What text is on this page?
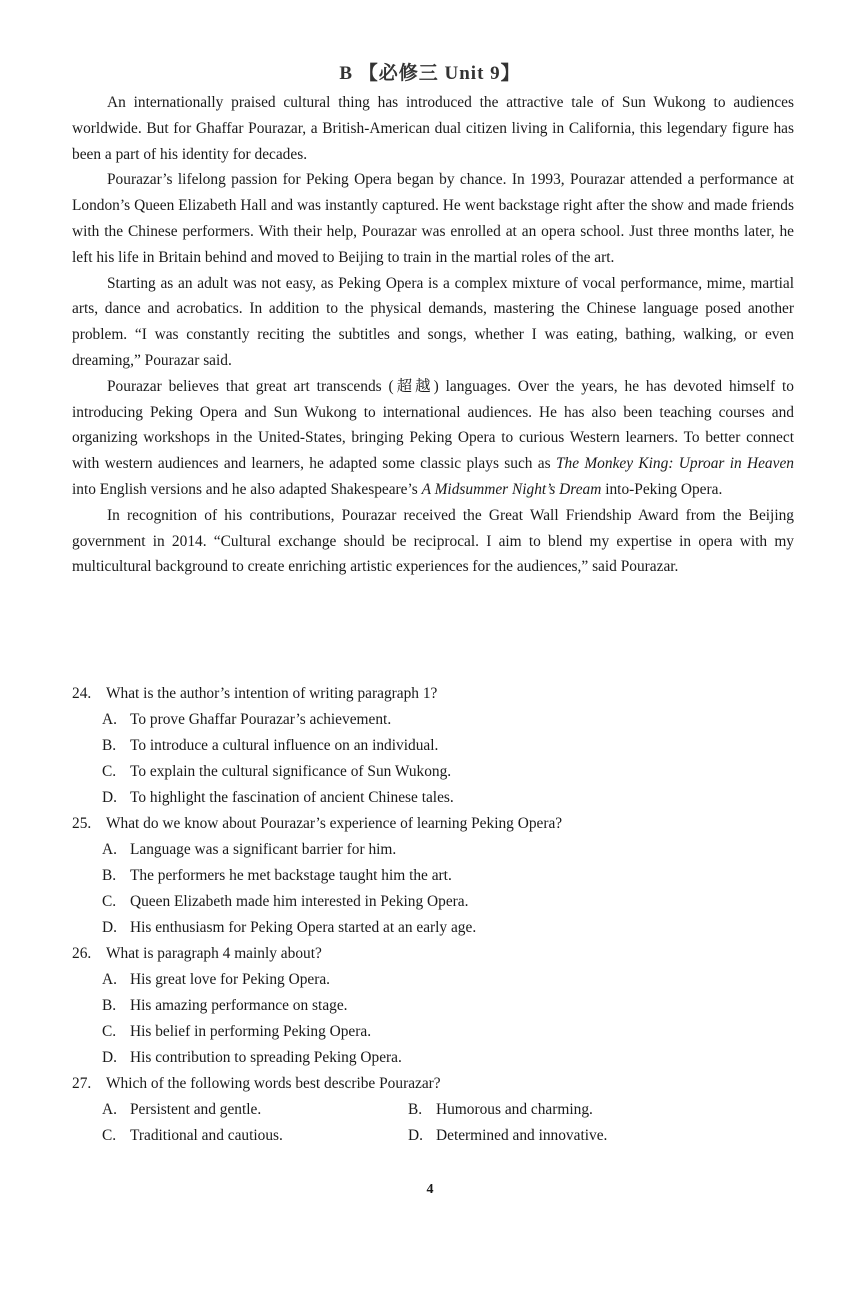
B 【必修三 Unit 9】

An internationally praised cultural thing has introduced the attractive tale of Sun Wukong to audiences worldwide. But for Ghaffar Pourazar, a British-American dual citizen living in California, this legendary figure has been a part of his identity for decades.

Pourazar’s lifelong passion for Peking Opera began by chance. In 1993, Pourazar attended a performance at London’s Queen Elizabeth Hall and was instantly captured. He went backstage right after the show and made friends with the Chinese performers. With their help, Pourazar was enrolled at an opera school. Just three months later, he left his life in Britain behind and moved to Beijing to train in the martial roles of the art.

Starting as an adult was not easy, as Peking Opera is a complex mixture of vocal performance, mime, martial arts, dance and acrobatics. In addition to the physical demands, mastering the Chinese language posed another problem. “I was constantly reciting the subtitles and songs, whether I was eating, bathing, walking, or even dreaming,” Pourazar said.

Pourazar believes that great art transcends (超越) languages. Over the years, he has devoted himself to introducing Peking Opera and Sun Wukong to international audiences. He has also been teaching courses and organizing workshops in the United-States, bringing Peking Opera to curious Western learners. To better connect with western audiences and learners, he adapted some classic plays such as The Monkey King: Uproar in Heaven into English versions and he also adapted Shakespeare’s A Midsummer Night’s Dream into-Peking Opera.

In recognition of his contributions, Pourazar received the Great Wall Friendship Award from the Beijing government in 2014. “Cultural exchange should be reciprocal. I aim to blend my expertise in opera with my multicultural background to create enriching artistic experiences for the audiences,” said Pourazar.

24. What is the author’s intention of writing paragraph 1?
A. To prove Ghaffar Pourazar’s achievement.
B. To introduce a cultural influence on an individual.
C. To explain the cultural significance of Sun Wukong.
D. To highlight the fascination of ancient Chinese tales.
25. What do we know about Pourazar’s experience of learning Peking Opera?
A. Language was a significant barrier for him.
B. The performers he met backstage taught him the art.
C. Queen Elizabeth made him interested in Peking Opera.
D. His enthusiasm for Peking Opera started at an early age.
26. What is paragraph 4 mainly about?
A. His great love for Peking Opera.
B. His amazing performance on stage.
C. His belief in performing Peking Opera.
D. His contribution to spreading Peking Opera.
27. Which of the following words best describe Pourazar?
A. Persistent and gentle.	B. Humorous and charming.
C. Traditional and cautious.	D. Determined and innovative.
4
